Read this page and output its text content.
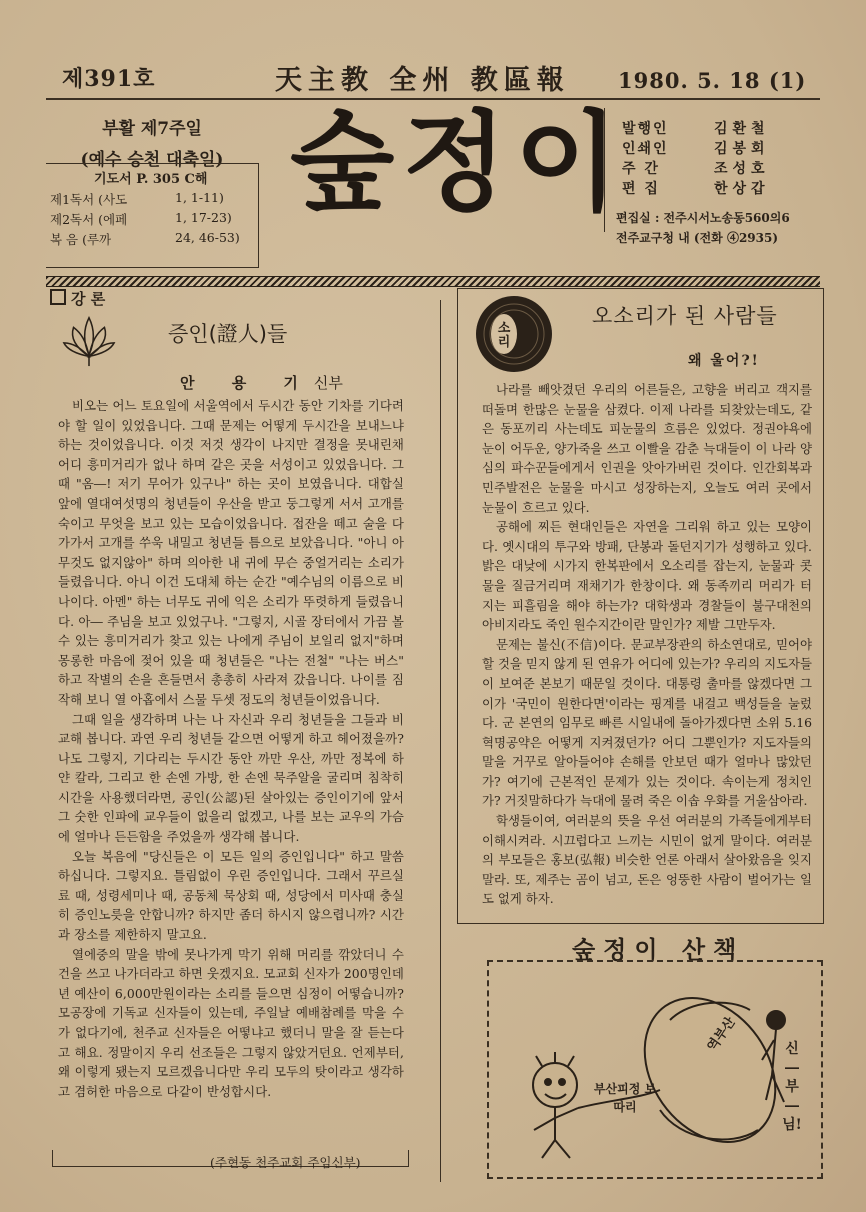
제391호	天主教 全州 教區報 1980. 5. 18 (1)
부활 제7주일
(예수 승천 대축일)
기도서 P. 305 C해
제1독서 (사도	1, 1-11)
제2독서 (에페	1, 17-23)
복 음 (루까	24, 46-53)
숲정이
발행인	김환철
인쇄인	김봉회
주 간	조성호
편 집	한상갑
편집실 : 전주시서노송동560의6
전주교구청 내 (전화 ④2935)
강 론
증인(證人)들
안 용 기신부

비오는 어느 토요일에 서울역에서 두시간 동안 기차를 기다려야 할 일이 있었읍니다. 그때 문제는 어떻게 두시간을 보내느냐 하는 것이었읍니다. 이것 저것 생각이 나지만 결정을 못내린채 어디 흥미거리가 없나 하며 같은 곳을 서성이고 있었읍니다. 그때 "옴―! 저기 무어가 있구나" 하는 곳이 보였읍니다. 대합실 앞에 열대여섯명의 청년들이 우산을 받고 둥그렇게 서서 고개를 숙이고 무엇을 보고 있는 모습이었읍니다. 접잔을 떼고 술을 다가가서 고개를 쑤욱 내밀고 청년들 틈으로 보았읍니다. "아니 아무것도 없지않아" 하며 의아한 내 귀에 무슨 중얼거리는 소리가 들렸읍니다. 아니 이건 도대체 하는 순간 "예수님의 이름으로 비나이다. 아멘" 하는 너무도 귀에 익은 소리가 뚜렷하게 들렸읍니다. 아― 주님을 보고 있었구나. "그렇지, 시골 장터에서 가끔 볼 수 있는 흥미거리가 찾고 있는 나에게 주님이 보일리 없지"하며 몽롱한 마음에 젖어 있을 때 청년들은 "나는 전철" "나는 버스" 하고 작별의 손을 흔들면서 총총히 사라져 갔읍니다. 나이를 짐작해 보니 열 아홉에서 스물 두셋 정도의 청년들이었읍니다.

그때 일을 생각하며 나는 나 자신과 우리 청년들을 그들과 비교해 봅니다. 과연 우리 청년들 같으면 어떻게 하고 헤어졌을까? 나도 그렇지, 기다리는 두시간 동안 까만 우산, 까만 정복에 하얀 칼라, 그리고 한 손엔 가방, 한 손엔 묵주알을 굴리며 침착히 시간을 사용했더라면, 공인(公認)된 살아있는 증인이기에 앞서 그 숫한 인파에 교우들이 없을리 없겠고, 나를 보는 교우의 가슴에 얼마나 든든함을 주었을까 생각해 봅니다.

오늘 복음에 "당신들은 이 모든 일의 증인입니다" 하고 말씀하십니다. 그렇지요. 틀림없이 우린 증인입니다. 그래서 꾸르실료 때, 성령세미나 때, 공동체 묵상회 때, 성당에서 미사때 충실히 증인노릇을 안합니까? 하지만 좀더 하시지 않으렵니까? 시간과 장소를 제한하지 말고요.

열에중의 말을 밖에 못나가게 막기 위해 머리를 깎았더니 수건을 쓰고 나가더라고 하면 웃겠지요. 모교회 신자가 200명인데 년 예산이 6,000만원이라는 소리를 들으면 심정이 어떻습니까? 모공장에 기독교 신자들이 있는데, 주일날 예배참례를 막을 수가 없다기에, 천주교 신자들은 어떻냐고 했더니 말을 잘 듣는다고 해요. 정말이지 우리 선조들은 그렇지 않았거던요. 언제부터, 왜 이렇게 됐는지 모르겠읍니다만 우리 모두의 탓이라고 생각하고 겸허한 마음으로 다같이 반성합시다.

(주현동 천주교회 주임신부)
소리
오소리가 된 사람들
왜 울어?!

나라를 빼앗겼던 우리의 어른들은, 고향을 버리고 객지를 떠돌며 한많은 눈물을 삼켰다. 이제 나라를 되찾았는데도, 같은 동포끼리 사는데도 피눈물의 흐름은 있었다. 정권야욕에 눈이 어두운, 양가죽을 쓰고 이빨을 감춘 늑대들이 이 나라 양심의 파수꾼들에게서 인권을 앗아가버린 것이다. 인간회복과 민주발전은 눈물을 마시고 성장하는지, 오늘도 여러 곳에서 눈물이 흐르고 있다.

공해에 찌든 현대인들은 자연을 그리워 하고 있는 모양이다. 옛시대의 투구와 방패, 단봉과 돌던지기가 성행하고 있다. 밝은 대낮에 시가지 한복판에서 오소리를 잡는지, 눈물과 콧물을 질금거리며 재채기가 한창이다. 왜 동족끼리 머리가 터지는 피흘림을 해야 하는가? 대학생과 경찰들이 불구대천의 아비지라도 죽인 원수지간이란 말인가? 제발 그만두자.

문제는 불신(不信)이다. 문교부장관의 하소연대로, 믿어야 할 것을 믿지 않게 된 연유가 어디에 있는가? 우리의 지도자들이 보여준 본보기 때문일 것이다. 대통령 출마를 않겠다면 그이가 '국민이 원한다면'이라는 핑계를 내걸고 백성들을 눌렀다. 군 본연의 임무로 빠른 시일내에 돌아가겠다면 소위 5.16혁명공약은 어떻게 지켜졌던가? 어디 그뿐인가? 지도자들의 말을 거꾸로 알아들어야 손해를 안보던 때가 얼마나 많았던가? 여기에 근본적인 문제가 있는 것이다. 속이는게 정치인가? 거짓말하다가 늑대에 물려 죽은 이솝 우화를 거울삼아라.

학생들이여, 여러분의 뜻을 우선 여러분의 가족들에게부터 이해시켜라. 시끄럽다고 느끼는 시민이 없게 말이다. 여러분의 부모들은 홍보(弘報) 비슷한 언론 아래서 살아왔음을 잊지 말라. 또, 제주는 곰이 넘고, 돈은 엉뚱한 사람이 벌어가는 일도 없게 하자.

숲정이 산책
역부산
부산피정 보따리
신―부―님!
